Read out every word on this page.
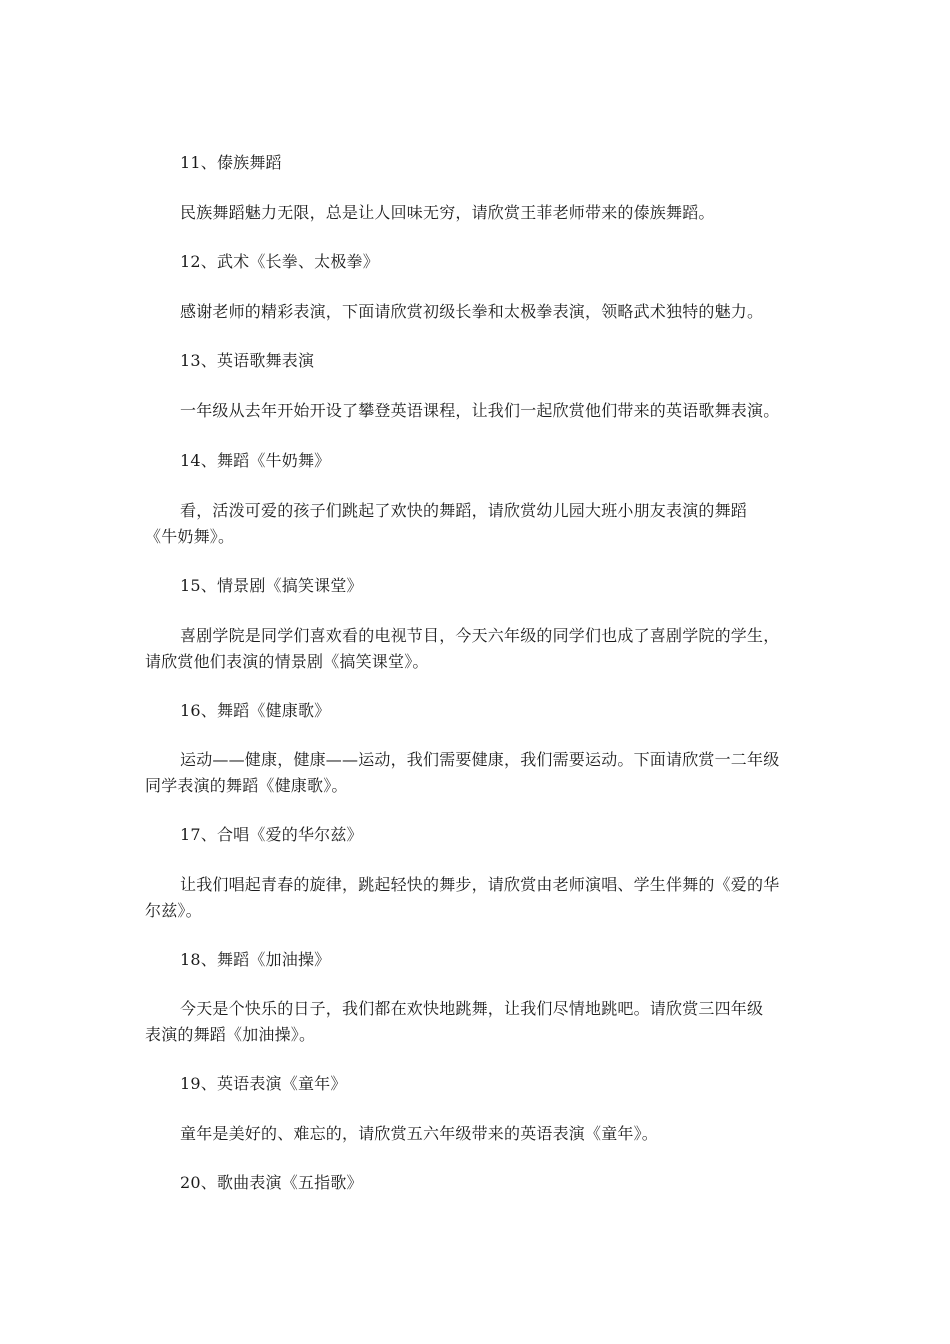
11、傣族舞蹈
民族舞蹈魅力无限，总是让人回味无穷，请欣赏王菲老师带来的傣族舞蹈。
12、武术《长拳、太极拳》
感谢老师的精彩表演，下面请欣赏初级长拳和太极拳表演，领略武术独特的魅力。
13、英语歌舞表演
一年级从去年开始开设了攀登英语课程，让我们一起欣赏他们带来的英语歌舞表演。
14、舞蹈《牛奶舞》
看，活泼可爱的孩子们跳起了欢快的舞蹈，请欣赏幼儿园大班小朋友表演的舞蹈
《牛奶舞》。
15、情景剧《搞笑课堂》
喜剧学院是同学们喜欢看的电视节目，今天六年级的同学们也成了喜剧学院的学生，
请欣赏他们表演的情景剧《搞笑课堂》。
16、舞蹈《健康歌》
运动——健康，健康——运动，我们需要健康，我们需要运动。下面请欣赏一二年级
同学表演的舞蹈《健康歌》。
17、合唱《爱的华尔兹》
让我们唱起青春的旋律，跳起轻快的舞步，请欣赏由老师演唱、学生伴舞的《爱的华
尔兹》。
18、舞蹈《加油操》
今天是个快乐的日子，我们都在欢快地跳舞，让我们尽情地跳吧。请欣赏三四年级
表演的舞蹈《加油操》。
19、英语表演《童年》
童年是美好的、难忘的，请欣赏五六年级带来的英语表演《童年》。
20、歌曲表演《五指歌》
